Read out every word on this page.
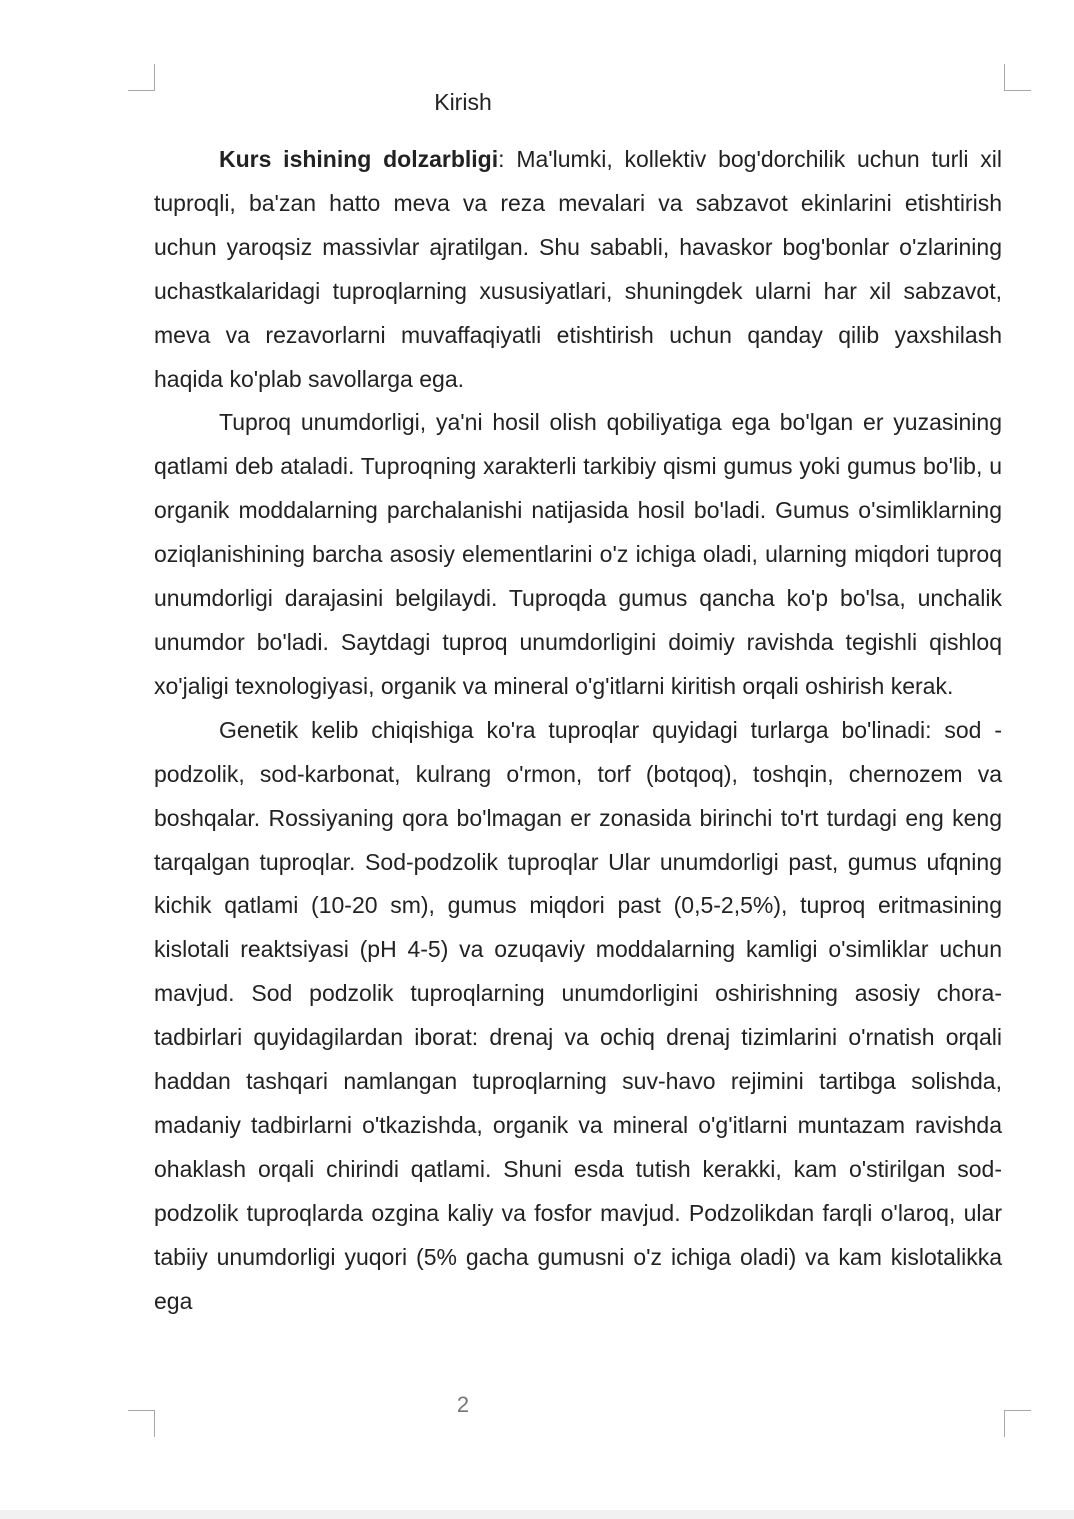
Kirish

Kurs ishining dolzarbligi: Ma'lumki, kollektiv bog'dorchilik uchun turli xil tuproqli, ba'zan hatto meva va reza mevalari va sabzavot ekinlarini etishtirish uchun yaroqsiz massivlar ajratilgan. Shu sababli, havaskor bog'bonlar o'zlarining uchastkalaridagi tuproqlarning xususiyatlari, shuningdek ularni har xil sabzavot, meva va rezavorlarni muvaffaqiyatli etishtirish uchun qanday qilib yaxshilash haqida ko'plab savollarga ega.

Tuproq unumdorligi, ya'ni hosil olish qobiliyatiga ega bo'lgan er yuzasining qatlami deb ataladi. Tuproqning xarakterli tarkibiy qismi gumus yoki gumus bo'lib, u organik moddalarning parchalanishi natijasida hosil bo'ladi. Gumus o'simliklarning oziqlanishining barcha asosiy elementlarini o'z ichiga oladi, ularning miqdori tuproq unumdorligi darajasini belgilaydi. Tuproqda gumus qancha ko'p bo'lsa, unchalik unumdor bo'ladi. Saytdagi tuproq unumdorligini doimiy ravishda tegishli qishloq xo'jaligi texnologiyasi, organik va mineral o'g'itlarni kiritish orqali oshirish kerak.

Genetik kelib chiqishiga ko'ra tuproqlar quyidagi turlarga bo'linadi: sod -podzolik, sod-karbonat, kulrang o'rmon, torf (botqoq), toshqin, chernozem va boshqalar. Rossiyaning qora bo'lmagan er zonasida birinchi to'rt turdagi eng keng tarqalgan tuproqlar. Sod-podzolik tuproqlar Ular unumdorligi past, gumus ufqning kichik qatlami (10-20 sm), gumus miqdori past (0,5-2,5%), tuproq eritmasining kislotali reaktsiyasi (pH 4-5) va ozuqaviy moddalarning kamligi o'simliklar uchun mavjud. Sod podzolik tuproqlarning unumdorligini oshirishning asosiy chora-tadbirlari quyidagilardan iborat: drenaj va ochiq drenaj tizimlarini o'rnatish orqali haddan tashqari namlangan tuproqlarning suv-havo rejimini tartibga solishda, madaniy tadbirlarni o'tkazishda, organik va mineral o'g'itlarni muntazam ravishda ohaklash orqali chirindi qatlami. Shuni esda tutish kerakki, kam o'stirilgan sod-podzolik tuproqlarda ozgina kaliy va fosfor mavjud. Podzolikdan farqli o'laroq, ular tabiiy unumdorligi yuqori (5% gacha gumusni o'z ichiga oladi) va kam kislotalikka ega

2
